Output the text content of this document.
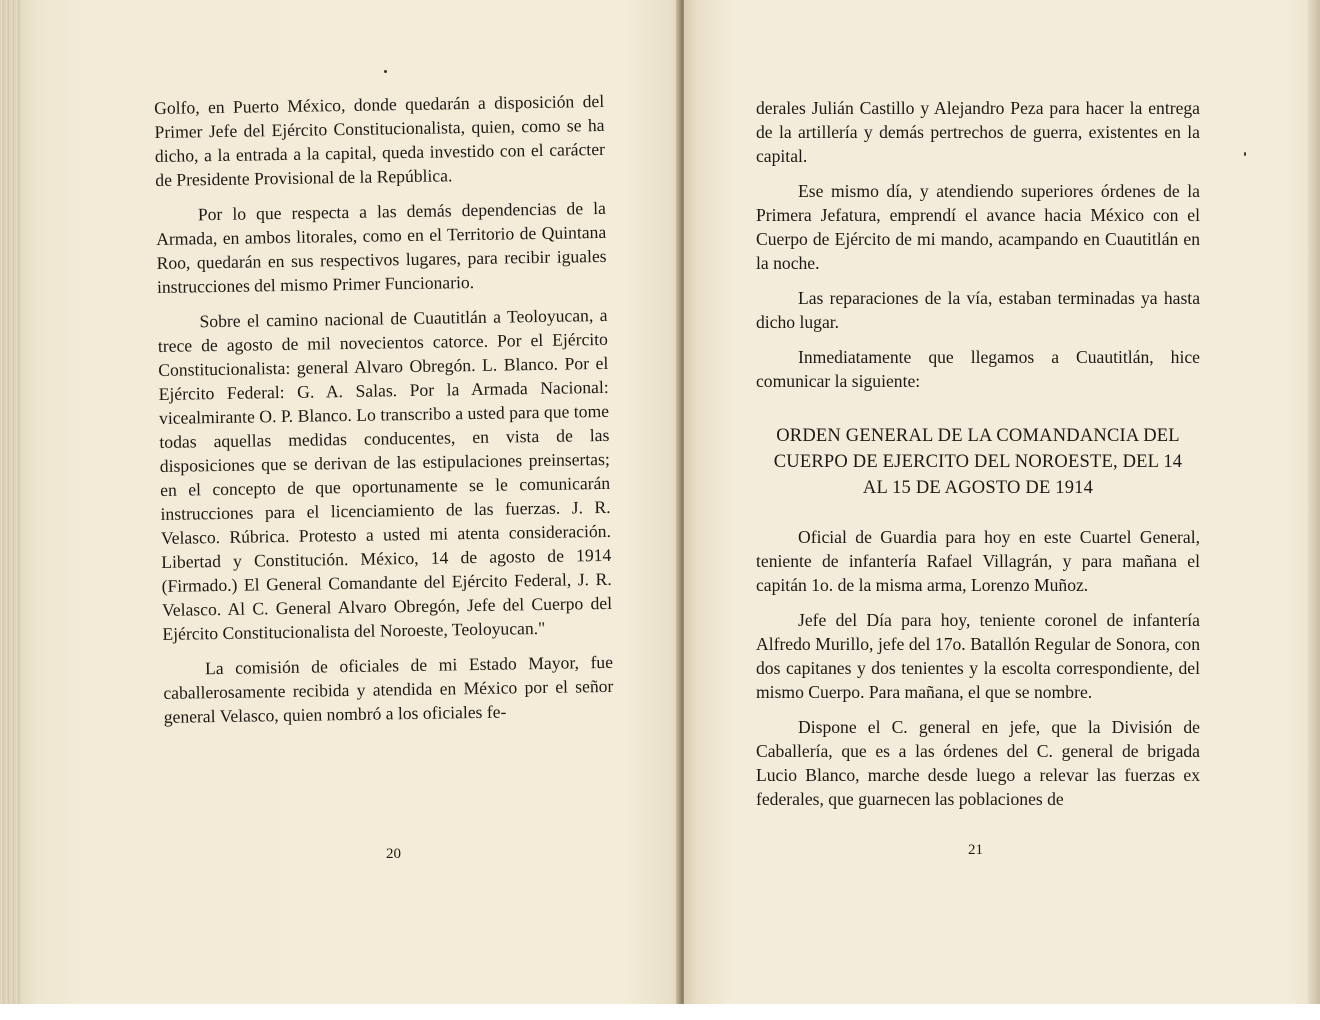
Golfo, en Puerto México, donde quedarán a disposición del Primer Jefe del Ejército Constitucionalista, quien, como se ha dicho, a la entrada a la capital, queda investido con el carácter de Presidente Provisional de la República.

Por lo que respecta a las demás dependencias de la Armada, en ambos litorales, como en el Territorio de Quintana Roo, quedarán en sus respectivos lugares, para recibir iguales instrucciones del mismo Primer Funcionario.

Sobre el camino nacional de Cuautitlán a Teoloyucan, a trece de agosto de mil novecientos catorce. Por el Ejército Constitucionalista: general Alvaro Obregón. L. Blanco. Por el Ejército Federal: G. A. Salas. Por la Armada Nacional: vicealmirante O. P. Blanco. Lo transcribo a usted para que tome todas aquellas medidas conducentes, en vista de las disposiciones que se derivan de las estipulaciones preinsertas; en el concepto de que oportunamente se le comunicarán instrucciones para el licenciamiento de las fuerzas. J. R. Velasco. Rúbrica. Protesto a usted mi atenta consideración. Libertad y Constitución. México, 14 de agosto de 1914 (Firmado.) El General Comandante del Ejército Federal, J. R. Velasco. Al C. General Alvaro Obregón, Jefe del Cuerpo del Ejército Constitucionalista del Noroeste, Teoloyucan."

La comisión de oficiales de mi Estado Mayor, fue caballerosamente recibida y atendida en México por el señor general Velasco, quien nombró a los oficiales fe-

20

derales Julián Castillo y Alejandro Peza para hacer la entrega de la artillería y demás pertrechos de guerra, existentes en la capital.

Ese mismo día, y atendiendo superiores órdenes de la Primera Jefatura, emprendí el avance hacia México con el Cuerpo de Ejército de mi mando, acampando en Cuautitlán en la noche.

Las reparaciones de la vía, estaban terminadas ya hasta dicho lugar.

Inmediatamente que llegamos a Cuautitlán, hice comunicar la siguiente:

ORDEN GENERAL DE LA COMANDANCIA DEL CUERPO DE EJERCITO DEL NOROESTE, DEL 14 AL 15 DE AGOSTO DE 1914

Oficial de Guardia para hoy en este Cuartel General, teniente de infantería Rafael Villagrán, y para mañana el capitán 1o. de la misma arma, Lorenzo Muñoz.

Jefe del Día para hoy, teniente coronel de infantería Alfredo Murillo, jefe del 17o. Batallón Regular de Sonora, con dos capitanes y dos tenientes y la escolta correspondiente, del mismo Cuerpo. Para mañana, el que se nombre.

Dispone el C. general en jefe, que la División de Caballería, que es a las órdenes del C. general de brigada Lucio Blanco, marche desde luego a relevar las fuerzas ex federales, que guarnecen las poblaciones de

21
